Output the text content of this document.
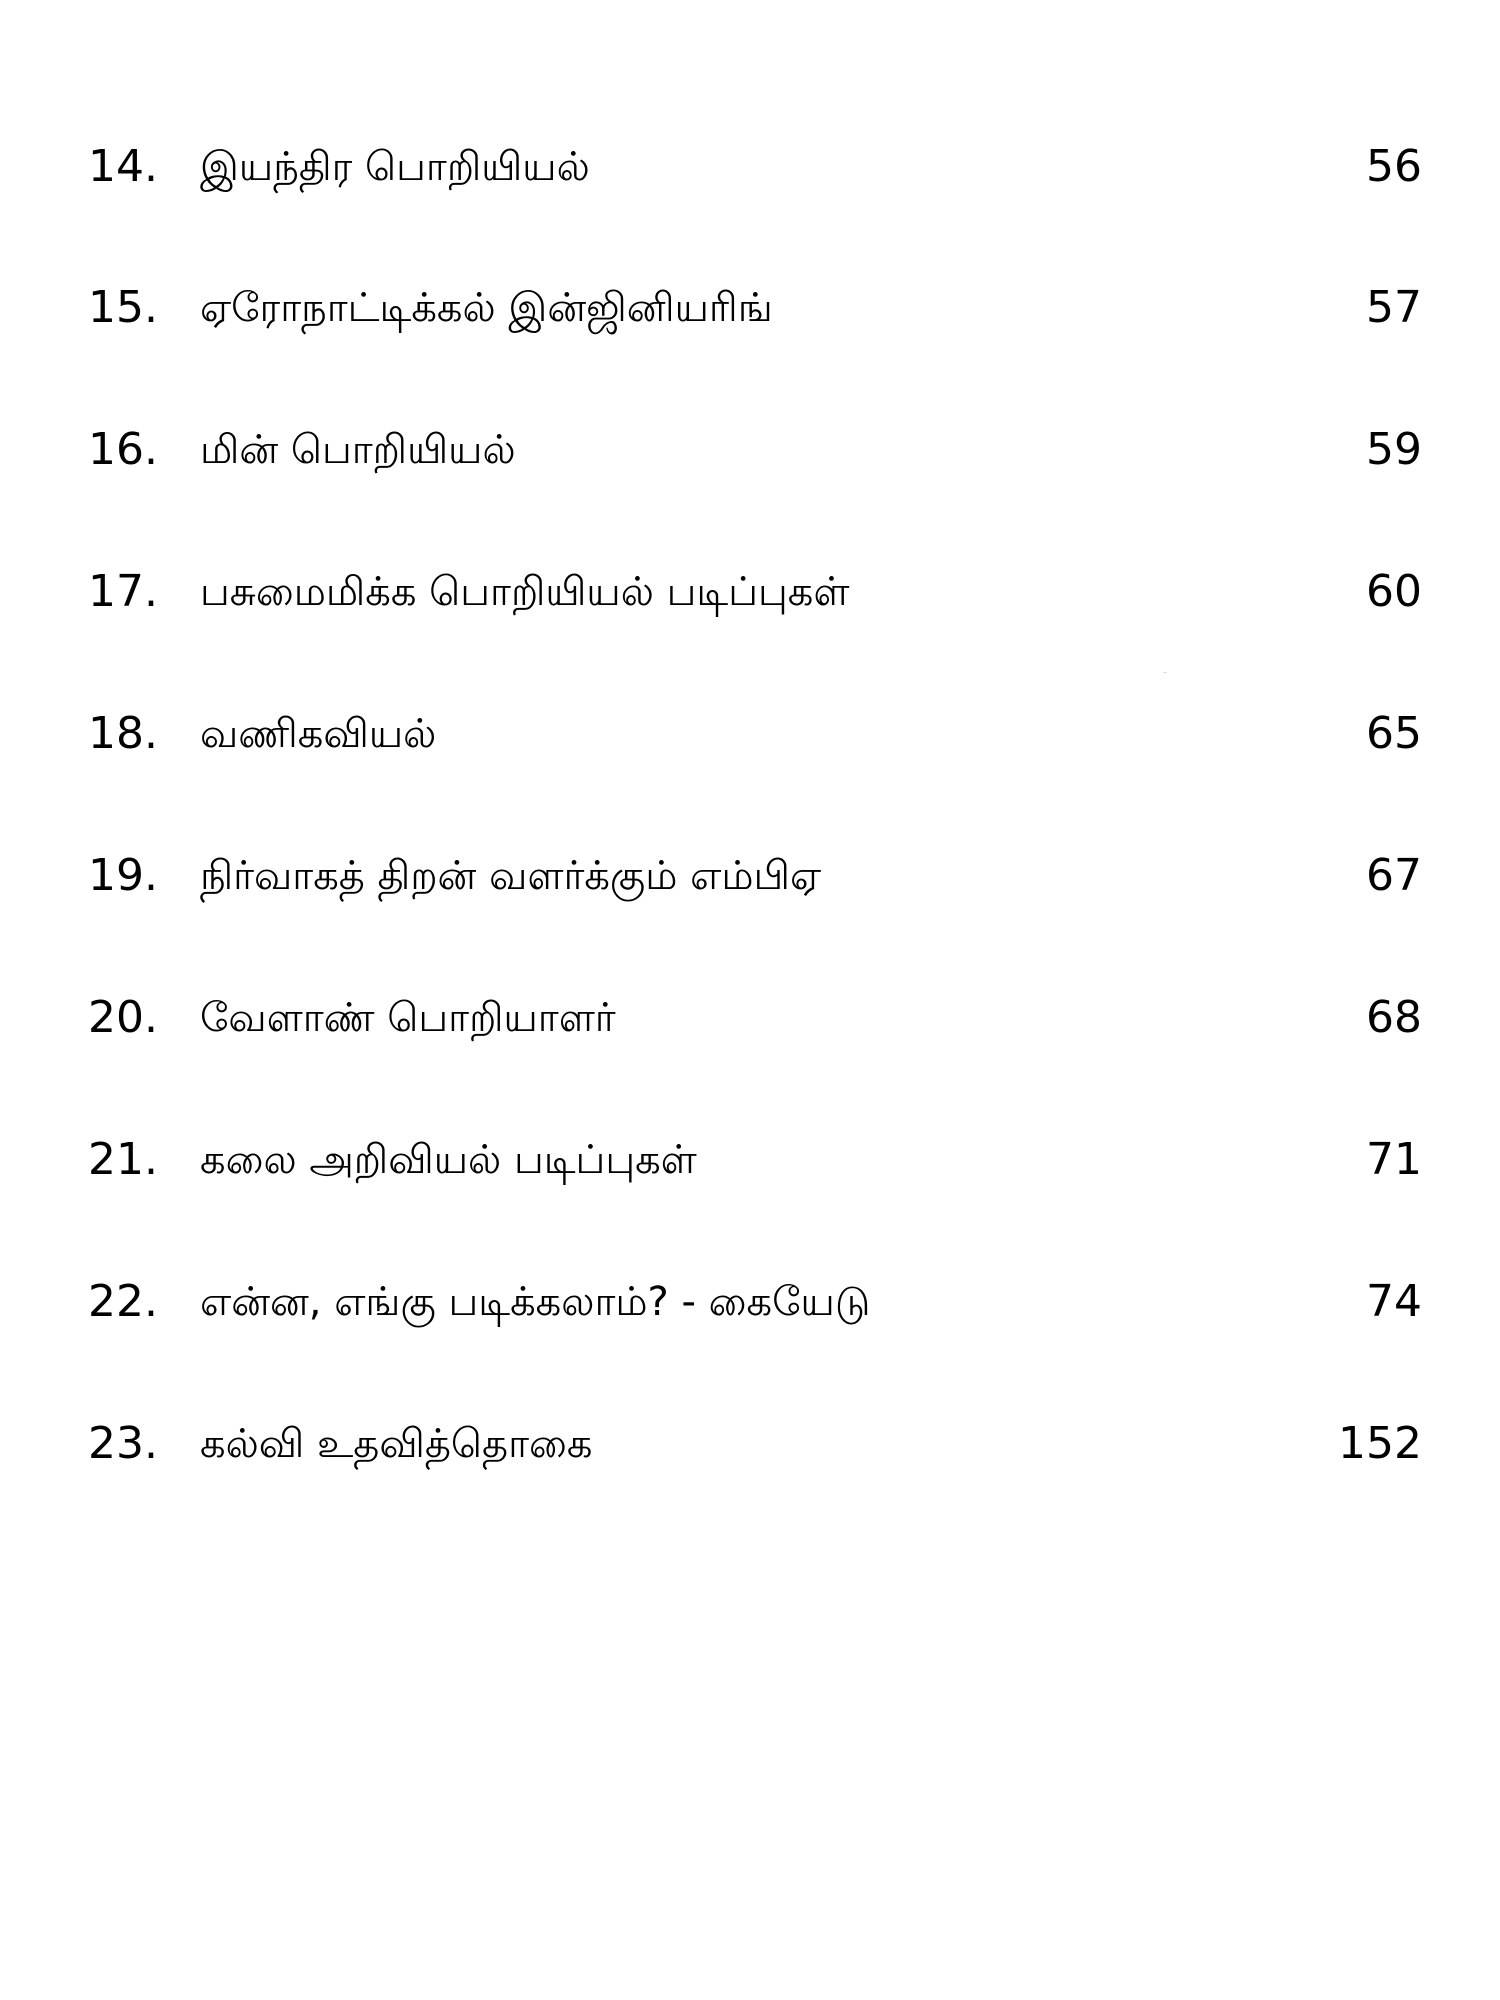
14. இயந்திர பொறியியல்	56
15. ஏரோநாட்டிக்கல் இன்ஜினியரிங்	57
16. மின் பொறியியல்	59
17. பசுமைமிக்க பொறியியல் படிப்புகள்	60
18. வணிகவியல்	65
19. நிர்வாகத் திறன் வளர்க்கும் எம்பிஏ	67
20. வேளாண் பொறியாளர்	68
21. கலை அறிவியல் படிப்புகள்	71
22. என்ன, எங்கு படிக்கலாம்? - கையேடு	74
23. கல்வி உதவித்தொகை	152
